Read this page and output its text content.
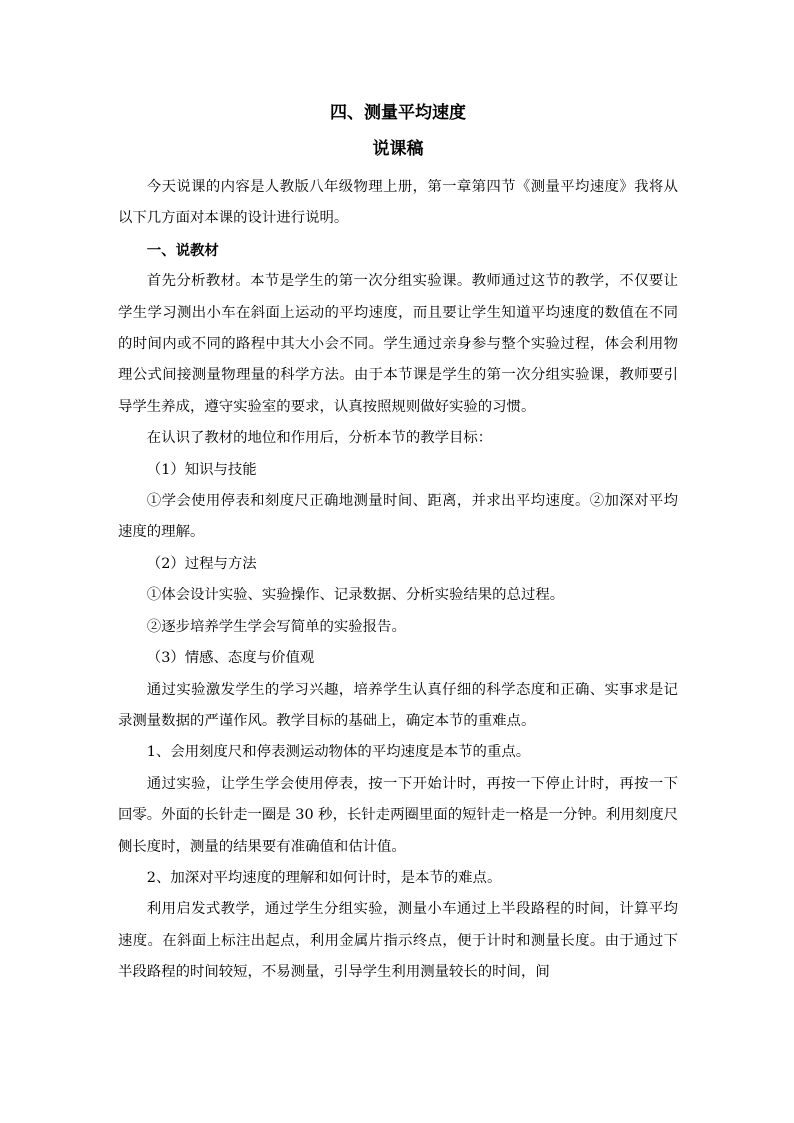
四、测量平均速度
说课稿

今天说课的内容是人教版八年级物理上册，第一章第四节《测量平均速度》我将从以下几方面对本课的设计进行说明。

一、说教材

首先分析教材。本节是学生的第一次分组实验课。教师通过这节的教学，不仅要让学生学习测出小车在斜面上运动的平均速度，而且要让学生知道平均速度的数值在不同的时间内或不同的路程中其大小会不同。学生通过亲身参与整个实验过程，体会利用物理公式间接测量物理量的科学方法。由于本节课是学生的第一次分组实验课，教师要引导学生养成，遵守实验室的要求，认真按照规则做好实验的习惯。

在认识了教材的地位和作用后，分析本节的教学目标：

（1）知识与技能

①学会使用停表和刻度尺正确地测量时间、距离，并求出平均速度。②加深对平均速度的理解。

（2）过程与方法

①体会设计实验、实验操作、记录数据、分析实验结果的总过程。

②逐步培养学生学会写简单的实验报告。

（3）情感、态度与价值观

通过实验激发学生的学习兴趣，培养学生认真仔细的科学态度和正确、实事求是记录测量数据的严谨作风。教学目标的基础上，确定本节的重难点。

1、会用刻度尺和停表测运动物体的平均速度是本节的重点。

通过实验，让学生学会使用停表，按一下开始计时，再按一下停止计时，再按一下回零。外面的长针走一圈是 30 秒，长针走两圈里面的短针走一格是一分钟。利用刻度尺侧长度时，测量的结果要有准确值和估计值。

2、加深对平均速度的理解和如何计时，是本节的难点。

利用启发式教学，通过学生分组实验，测量小车通过上半段路程的时间，计算平均速度。在斜面上标注出起点，利用金属片指示终点，便于计时和测量长度。由于通过下半段路程的时间较短，不易测量，引导学生利用测量较长的时间，间
